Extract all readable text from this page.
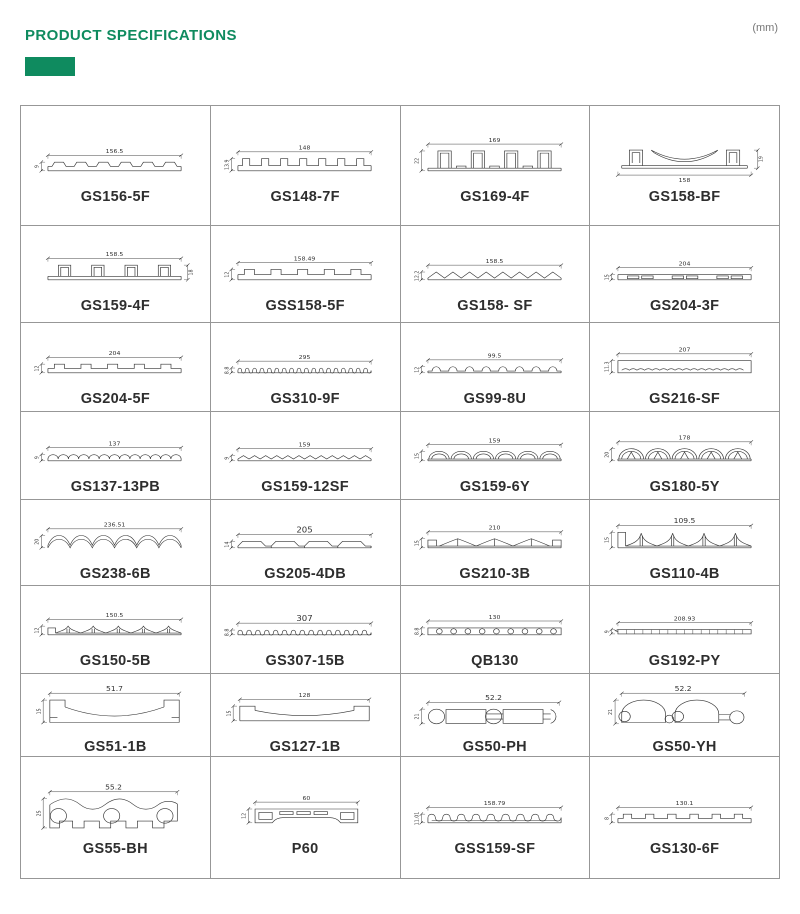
PRODUCT SPECIFICATIONS	(mm)
156.5
9
GS156-5F
148
13.9
GS148-7F
169
22
GS169-4F
158
19
GS158-BF
158.5
18
GS159-4F
158.49
12
GSS158-5F
158.5
12.2
GS158- SF
204
15
GS204-3F
204
12
GS204-5F
295
8.8
GS310-9F
99.5
12
GS99-8U
207
11.3
GS216-SF
137
9
GS137-13PB
159
9
GS159-12SF
159
15
GS159-6Y
178
20
GS180-5Y
236.51
20
GS238-6B
205
14
GS205-4DB
210
15
GS210-3B
109.5
15
GS110-4B
150.5
12
GS150-5B
307
8.8
GS307-15B
130
8.8
QB130
208.93
9
GS192-PY
51.7
15
GS51-1B
128
15
GS127-1B
52.2
21
GS50-PH
52.2
21
GS50-YH
55.2
25
GS55-BH
60
12
P60
158.79
11.01
GSS159-SF
130.1
8
GS130-6F
